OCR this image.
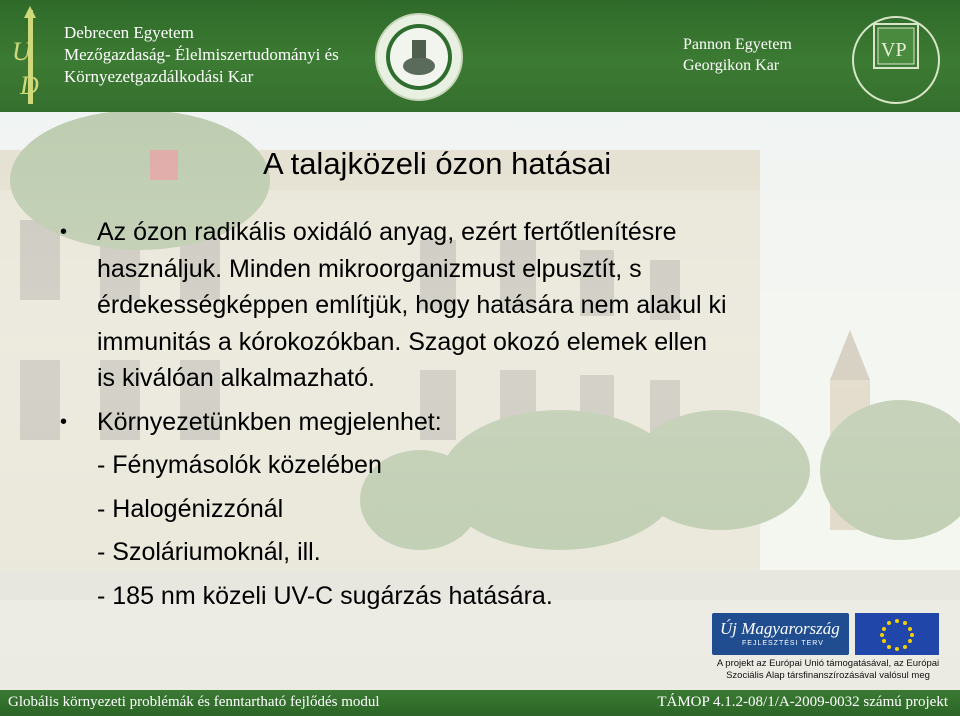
U
D
Debrecen Egyetem
Mezőgazdaság- Élelmiszertudományi és
Környezetgazdálkodási Kar
Pannon Egyetem
Georgikon Kar
VP
A talajközeli ózon hatásai
• Az ózon radikális oxidáló anyag, ezért fertőtlenítésre
használjuk. Minden mikroorganizmust elpusztít, s
érdekességképpen említjük, hogy hatására nem alakul ki
immunitás a kórokozókban. Szagot okozó elemek ellen
is kiválóan alkalmazható.
• Környezetünkben megjelenhet:
- Fénymásolók közelében
- Halogénizzónál
- Szoláriumoknál, ill.
- 185 nm közeli UV-C sugárzás hatására.
Új Magyarország
FEJLESZTÉSI TERV
A projekt az Európai Unió támogatásával, az Európai
Szociális Alap társfinanszírozásával valósul meg
Globális környezeti problémák és fenntartható fejlődés modul	TÁMOP 4.1.2-08/1/A-2009-0032 számú projekt
